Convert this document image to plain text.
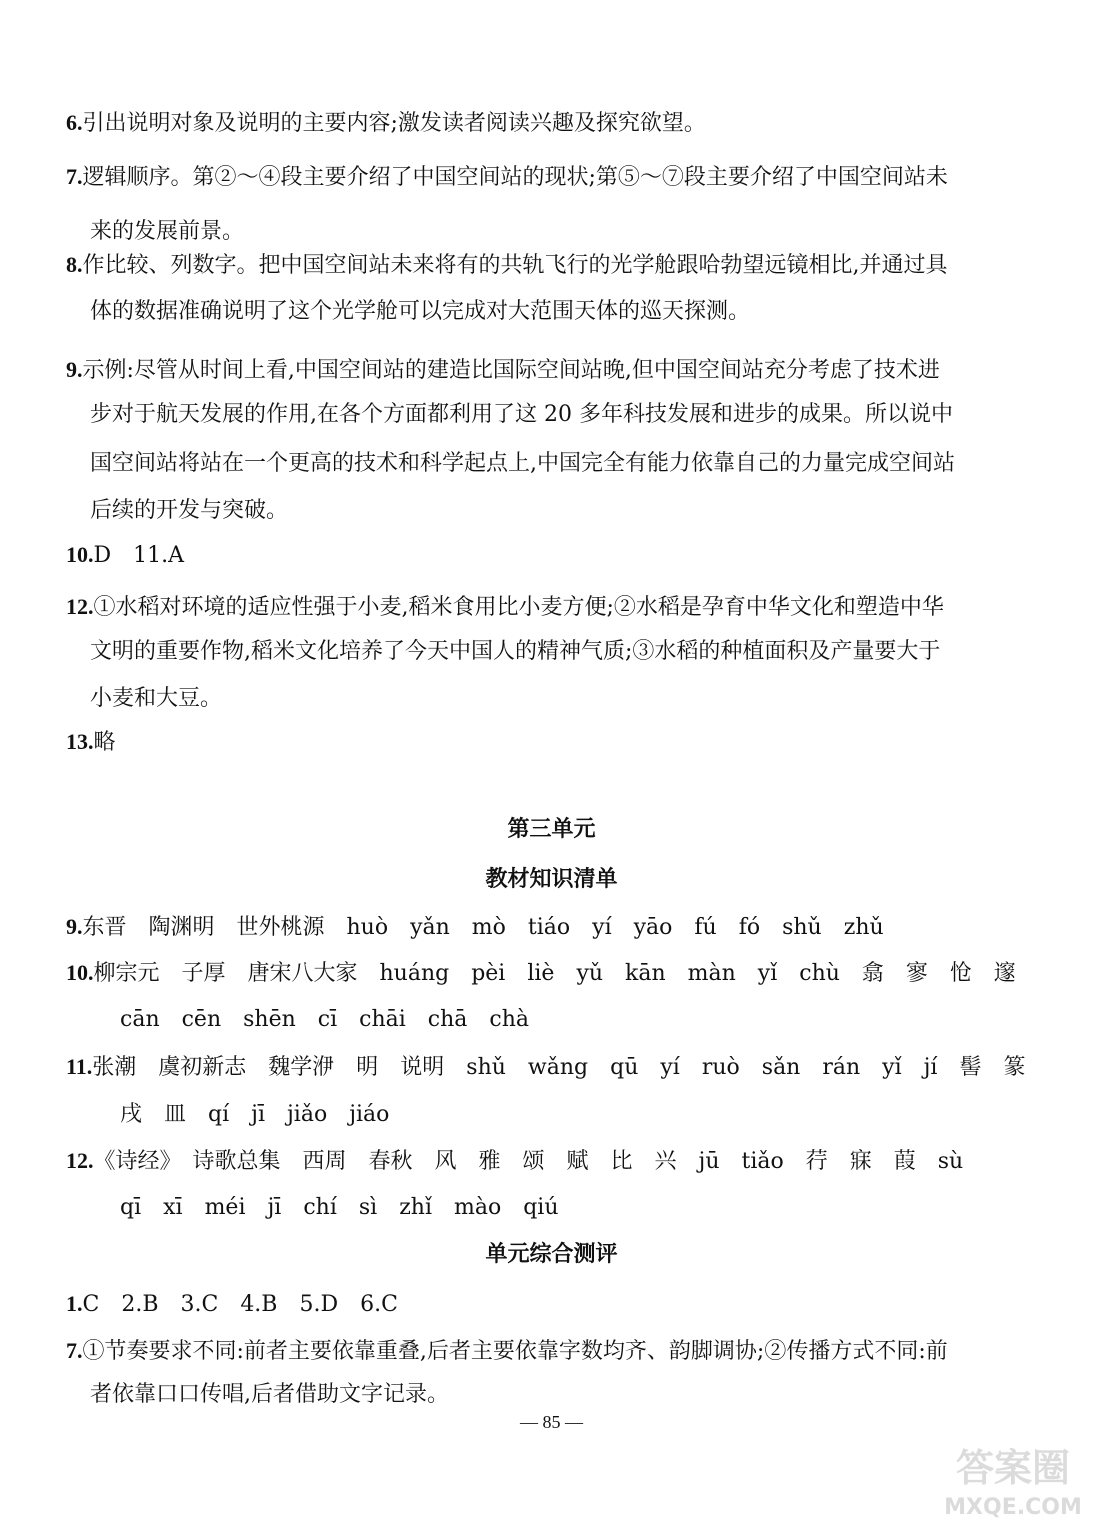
6.引出说明对象及说明的主要内容;激发读者阅读兴趣及探究欲望。
7.逻辑顺序。第②～④段主要介绍了中国空间站的现状;第⑤～⑦段主要介绍了中国空间站未
来的发展前景。
8.作比较、列数字。把中国空间站未来将有的共轨飞行的光学舱跟哈勃望远镜相比,并通过具
体的数据准确说明了这个光学舱可以完成对大范围天体的巡天探测。
9.示例:尽管从时间上看,中国空间站的建造比国际空间站晚,但中国空间站充分考虑了技术进
步对于航天发展的作用,在各个方面都利用了这 20 多年科技发展和进步的成果。所以说中
国空间站将站在一个更高的技术和科学起点上,中国完全有能力依靠自己的力量完成空间站
后续的开发与突破。
10.D　11.A
12.①水稻对环境的适应性强于小麦,稻米食用比小麦方便;②水稻是孕育中华文化和塑造中华
文明的重要作物,稻米文化培养了今天中国人的精神气质;③水稻的种植面积及产量要大于
小麦和大豆。
13.略
第三单元
教材知识清单
9.东晋　陶渊明　世外桃源　huò　yǎn　mò　tiáo　yí　yāo　fú　fó　shǔ　zhǔ
10.柳宗元　子厚　唐宋八大家　huáng　pèi　liè　yǔ　kān　màn　yǐ　chù　翕　寥　怆　邃
cān　cēn　shēn　cī　chāi　chā　chà
11.张潮　虞初新志　魏学洢　明　说明　shǔ　wǎng　qū　yí　ruò　sǎn　rán　yǐ　jí　髻　篆
戌　皿　qí　jī　jiǎo　jiáo
12.《诗经》　诗歌总集　西周　春秋　风　雅　颂　赋　比　兴　jū　tiǎo　荇　寐　葭　sù
qī　xī　méi　jī　chí　sì　zhǐ　mào　qiú
单元综合测评
1.C　2.B　3.C　4.B　5.D　6.C
7.①节奏要求不同:前者主要依靠重叠,后者主要依靠字数均齐、韵脚调协;②传播方式不同:前
者依靠口口传唱,后者借助文字记录。
— 85 —
答案圈
MXQE.COM
